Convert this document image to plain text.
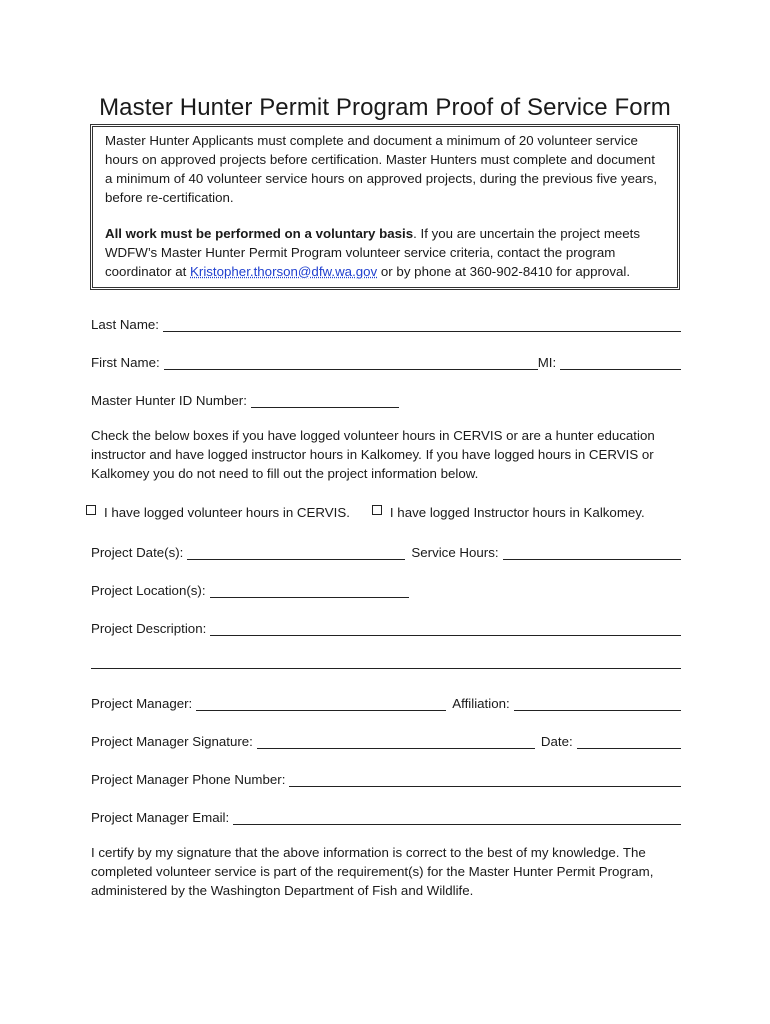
Master Hunter Permit Program Proof of Service Form

Master Hunter Applicants must complete and document a minimum of 20 volunteer service hours on approved projects before certification. Master Hunters must complete and document a minimum of 40 volunteer service hours on approved projects, during the previous five years, before re-certification.

All work must be performed on a voluntary basis. If you are uncertain the project meets WDFW’s Master Hunter Permit Program volunteer service criteria, contact the program coordinator at Kristopher.thorson@dfw.wa.gov or by phone at 360-902-8410 for approval.

Last Name:
First Name:	MI:
Master Hunter ID Number:
Check the below boxes if you have logged volunteer hours in CERVIS or are a hunter education instructor and have logged instructor hours in Kalkomey. If you have logged hours in CERVIS or Kalkomey you do not need to fill out the project information below.
I have logged volunteer hours in CERVIS.	I have logged Instructor hours in Kalkomey.
Project Date(s):	Service Hours:
Project Location(s):
Project Description:
Project Manager:	Affiliation:
Project Manager Signature:	Date:
Project Manager Phone Number:
Project Manager Email:
I certify by my signature that the above information is correct to the best of my knowledge. The completed volunteer service is part of the requirement(s) for the Master Hunter Permit Program, administered by the Washington Department of Fish and Wildlife.
